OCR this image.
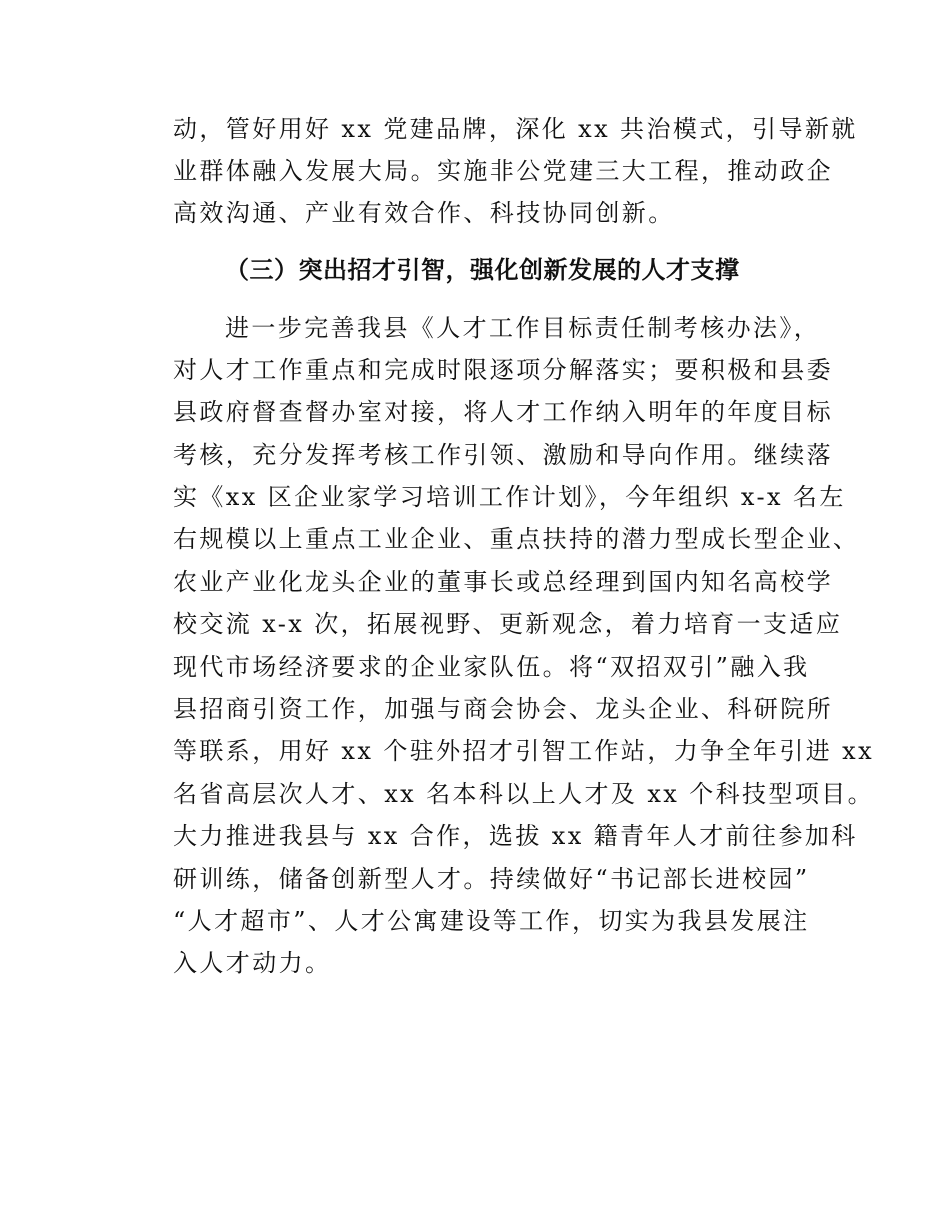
动，管好用好 xx 党建品牌，深化 xx 共治模式，引导新就
业群体融入发展大局。实施非公党建三大工程，推动政企
高效沟通、产业有效合作、科技协同创新。
（三）突出招才引智，强化创新发展的人才支撑
进一步完善我县《人才工作目标责任制考核办法》，
对人才工作重点和完成时限逐项分解落实；要积极和县委
县政府督查督办室对接，将人才工作纳入明年的年度目标
考核，充分发挥考核工作引领、激励和导向作用。继续落
实《xx 区企业家学习培训工作计划》，今年组织 x-x 名左
右规模以上重点工业企业、重点扶持的潜力型成长型企业、
农业产业化龙头企业的董事长或总经理到国内知名高校学
校交流 x-x 次，拓展视野、更新观念，着力培育一支适应
现代市场经济要求的企业家队伍。将“双招双引”融入我
县招商引资工作，加强与商会协会、龙头企业、科研院所
等联系，用好 xx 个驻外招才引智工作站，力争全年引进 xx
名省高层次人才、xx 名本科以上人才及 xx 个科技型项目。
大力推进我县与 xx 合作，选拔 xx 籍青年人才前往参加科
研训练，储备创新型人才。持续做好“书记部长进校园”
“人才超市”、人才公寓建设等工作，切实为我县发展注
入人才动力。
